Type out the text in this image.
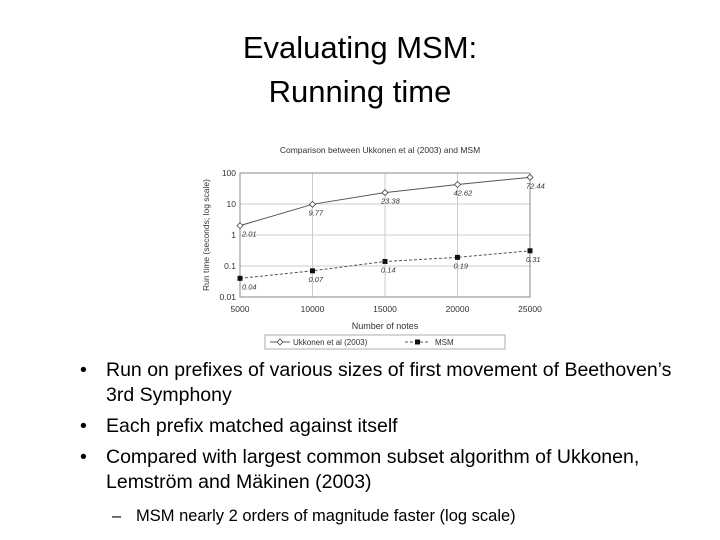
Evaluating MSM:
Running time
Comparison between Ukkonen et al (2003) and MSM
0.01
0.1
1
10
100
5000	10000	15000	20000	25000
Number of notes
Run time (seconds; log scale)	2.01
9.77
23.38
42.62
72.44
0.04
0.07
0.14	0.19
0.31
Ukkonen et al (2003)	MSM
• Run on prefixes of various sizes of first movement of Beethoven’s 3rd Symphony
• Each prefix matched against itself
• Compared with largest common subset algorithm of Ukkonen, Lemström and Mäkinen (2003)
– MSM nearly 2 orders of magnitude faster (log scale)
